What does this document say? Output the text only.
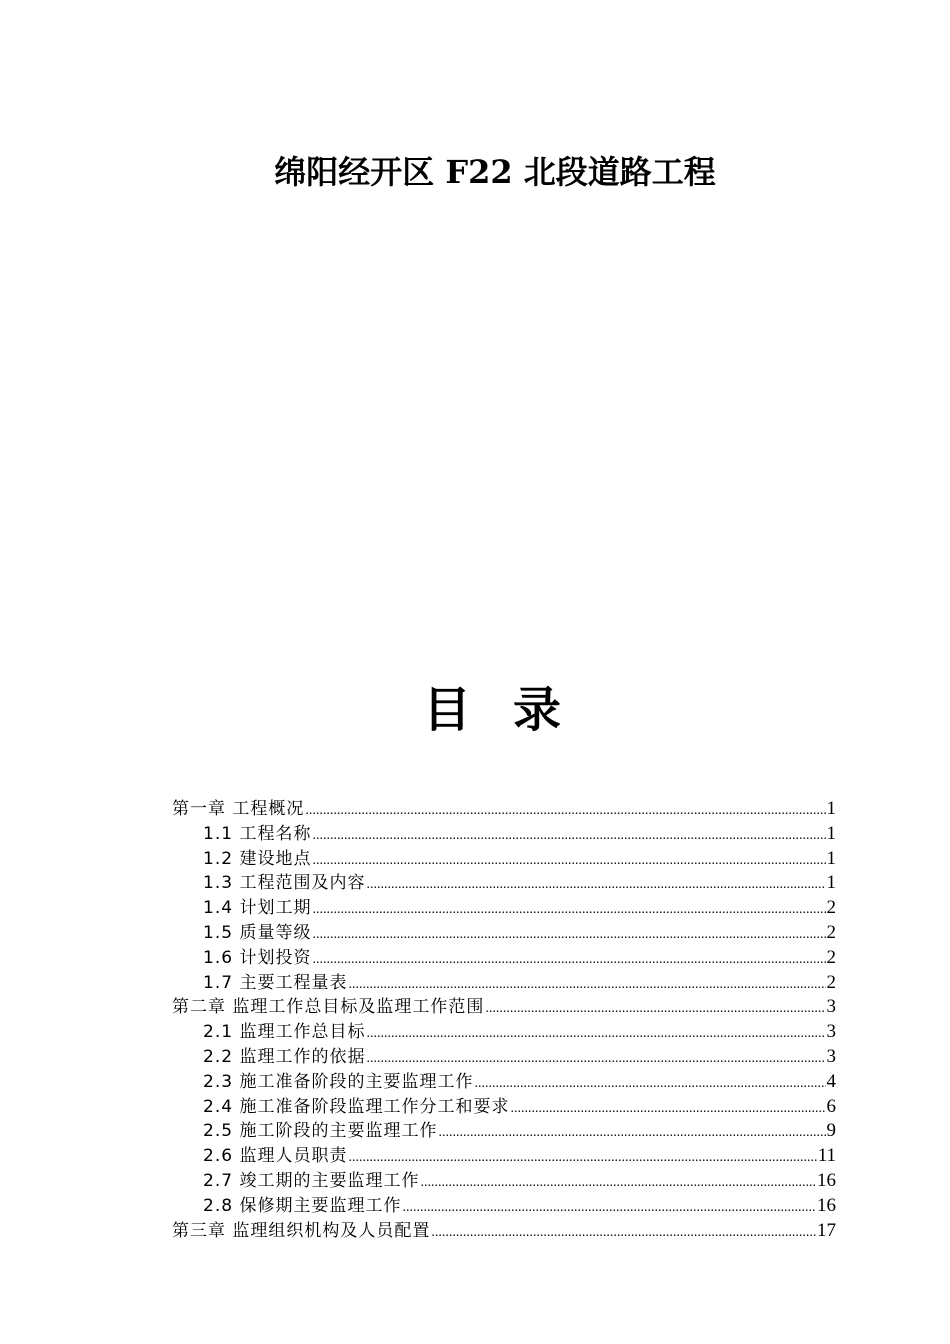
绵阳经开区 F22 北段道路工程
目 录
第一章 工程概况 .....	1
1.1 工程名称 .....	1
1.2 建设地点 .....	1
1.3 工程范围及内容 .....	1
1.4 计划工期 .....	2
1.5 质量等级 .....	2
1.6 计划投资 .....	2
1.7 主要工程量表 .....	2
第二章 监理工作总目标及监理工作范围 .....	3
2.1 监理工作总目标 .....	3
2.2 监理工作的依据 .....	3
2.3 施工准备阶段的主要监理工作 .....	4
2.4 施工准备阶段监理工作分工和要求 .....	6
2.5 施工阶段的主要监理工作 .....	9
2.6 监理人员职责 .....	11
2.7 竣工期的主要监理工作 .....	16
2.8 保修期主要监理工作 .....	16
第三章 监理组织机构及人员配置 .....	17
